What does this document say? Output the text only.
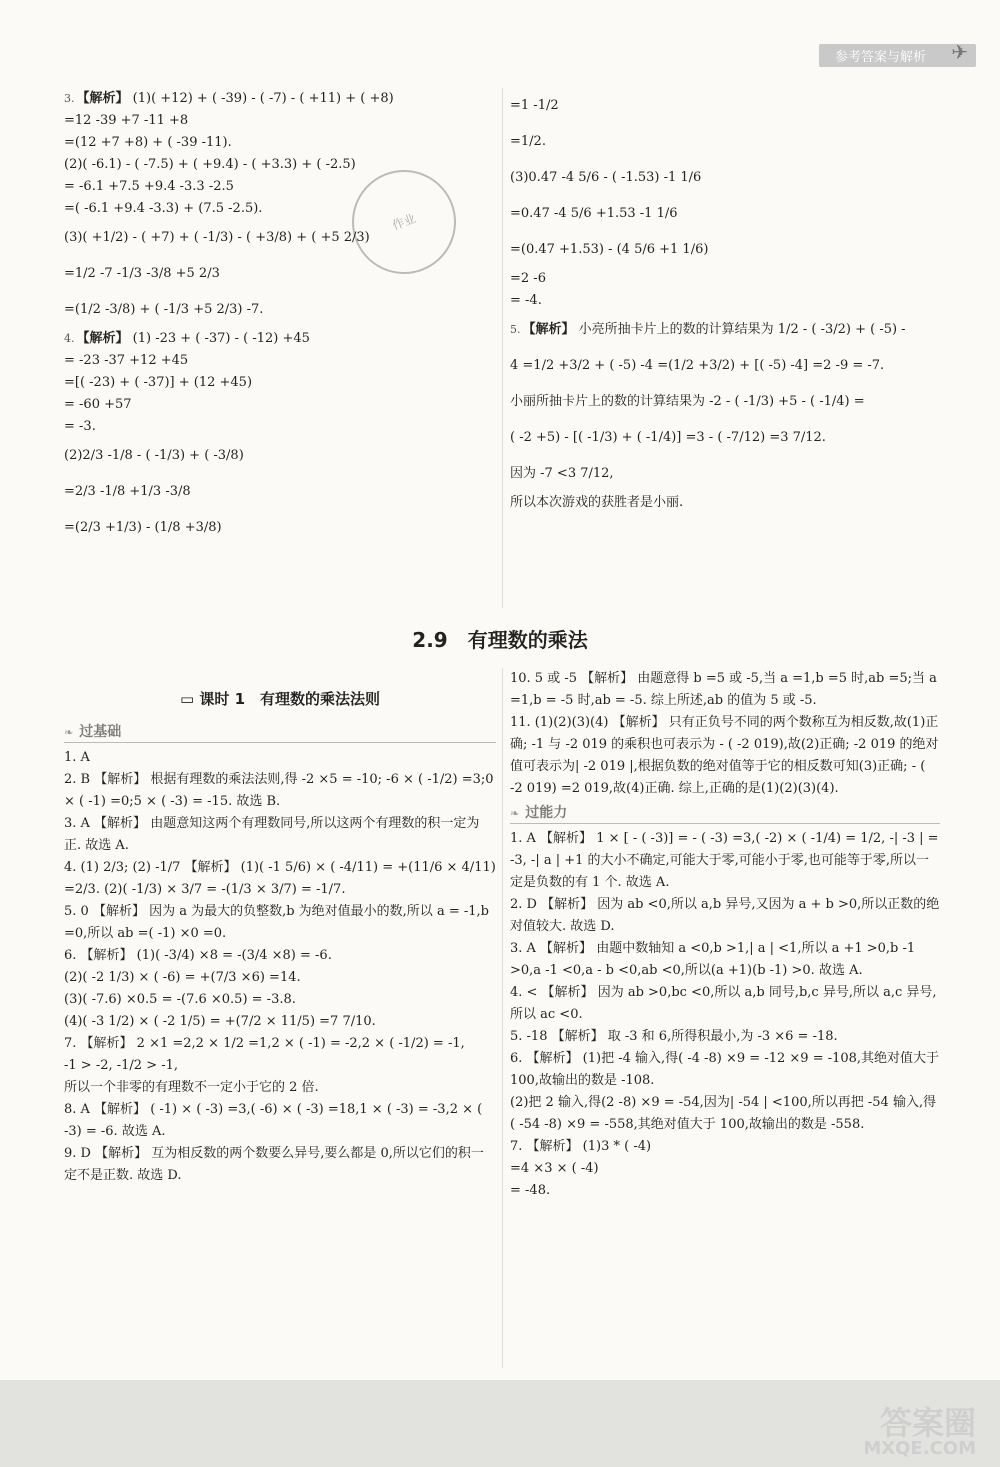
参考答案与解析 ✈
作业
3. 【解析】 (1)( +12) + ( -39) - ( -7) - ( +11) + ( +8)
=12 -39 +7 -11 +8
=(12 +7 +8) + ( -39 -11).
(2)( -6.1) - ( -7.5) + ( +9.4) - ( +3.3) + ( -2.5)
= -6.1 +7.5 +9.4 -3.3 -2.5
=( -6.1 +9.4 -3.3) + (7.5 -2.5).
(3)( +1/2) - ( +7) + ( -1/3) - ( +3/8) + ( +5 2/3)
=1/2 -7 -1/3 -3/8 +5 2/3
=(1/2 -3/8) + ( -1/3 +5 2/3) -7.
4. 【解析】 (1) -23 + ( -37) - ( -12) +45
= -23 -37 +12 +45
=[( -23) + ( -37)] + (12 +45)
= -60 +57
= -3.
(2)2/3 -1/8 - ( -1/3) + ( -3/8)
=2/3 -1/8 +1/3 -3/8
=(2/3 +1/3) - (1/8 +3/8)
=1 -1/2
=1/2.
(3)0.47 -4 5/6 - ( -1.53) -1 1/6
=0.47 -4 5/6 +1.53 -1 1/6
=(0.47 +1.53) - (4 5/6 +1 1/6)
=2 -6
= -4.
5. 【解析】 小亮所抽卡片上的数的计算结果为 1/2 - ( -3/2) + ( -5) -
4 =1/2 +3/2 + ( -5) -4 =(1/2 +3/2) + [( -5) -4] =2 -9 = -7.
小丽所抽卡片上的数的计算结果为 -2 - ( -1/3) +5 - ( -1/4) =
( -2 +5) - [( -1/3) + ( -1/4)] =3 - ( -7/12) =3 7/12.
因为 -7 <3 7/12,
所以本次游戏的获胜者是小丽.
2.9　有理数的乘法
▭ 课时 1　有理数的乘法法则
❧ 过基础
1. A
2. B 【解析】 根据有理数的乘法法则,得 -2 ×5 = -10; -6 × ( -1/2) =3;0 × ( -1) =0;5 × ( -3) = -15. 故选 B.
3. A 【解析】 由题意知这两个有理数同号,所以这两个有理数的积一定为正. 故选 A.
4. (1) 2/3; (2) -1/7 【解析】 (1)( -1 5/6) × ( -4/11) = +(11/6 × 4/11) =2/3. (2)( -1/3) × 3/7 = -(1/3 × 3/7) = -1/7.
5. 0 【解析】 因为 a 为最大的负整数,b 为绝对值最小的数,所以 a = -1,b =0,所以 ab =( -1) ×0 =0.
6. 【解析】 (1)( -3/4) ×8 = -(3/4 ×8) = -6.
(2)( -2 1/3) × ( -6) = +(7/3 ×6) =14.
(3)( -7.6) ×0.5 = -(7.6 ×0.5) = -3.8.
(4)( -3 1/2) × ( -2 1/5) = +(7/2 × 11/5) =7 7/10.
7. 【解析】 2 ×1 =2,2 × 1/2 =1,2 × ( -1) = -2,2 × ( -1/2) = -1,
-1 > -2, -1/2 > -1,
所以一个非零的有理数不一定小于它的 2 倍.
8. A 【解析】 ( -1) × ( -3) =3,( -6) × ( -3) =18,1 × ( -3) = -3,2 × ( -3) = -6. 故选 A.
9. D 【解析】 互为相反数的两个数要么异号,要么都是 0,所以它们的积一定不是正数. 故选 D.
10. 5 或 -5 【解析】 由题意得 b =5 或 -5,当 a =1,b =5 时,ab =5;当 a =1,b = -5 时,ab = -5. 综上所述,ab 的值为 5 或 -5.
11. (1)(2)(3)(4) 【解析】 只有正负号不同的两个数称互为相反数,故(1)正确; -1 与 -2 019 的乘积也可表示为 - ( -2 019),故(2)正确; -2 019 的绝对值可表示为| -2 019 |,根据负数的绝对值等于它的相反数可知(3)正确; - ( -2 019) =2 019,故(4)正确. 综上,正确的是(1)(2)(3)(4).
❧ 过能力
1. A 【解析】 1 × [ - ( -3)] = - ( -3) =3,( -2) × ( -1/4) = 1/2, -| -3 | = -3, -| a | +1 的大小不确定,可能大于零,可能小于零,也可能等于零,所以一定是负数的有 1 个. 故选 A.
2. D 【解析】 因为 ab <0,所以 a,b 异号,又因为 a + b >0,所以正数的绝对值较大. 故选 D.
3. A 【解析】 由题中数轴知 a <0,b >1,| a | <1,所以 a +1 >0,b -1 >0,a -1 <0,a - b <0,ab <0,所以(a +1)(b -1) >0. 故选 A.
4. < 【解析】 因为 ab >0,bc <0,所以 a,b 同号,b,c 异号,所以 a,c 异号,所以 ac <0.
5. -18 【解析】 取 -3 和 6,所得积最小,为 -3 ×6 = -18.
6. 【解析】 (1)把 -4 输入,得( -4 -8) ×9 = -12 ×9 = -108,其绝对值大于 100,故输出的数是 -108.
(2)把 2 输入,得(2 -8) ×9 = -54,因为| -54 | <100,所以再把 -54 输入,得( -54 -8) ×9 = -558,其绝对值大于 100,故输出的数是 -558.
7. 【解析】 (1)3 * ( -4)
=4 ×3 × ( -4)
= -48.
答案圈
MXQE.COM
